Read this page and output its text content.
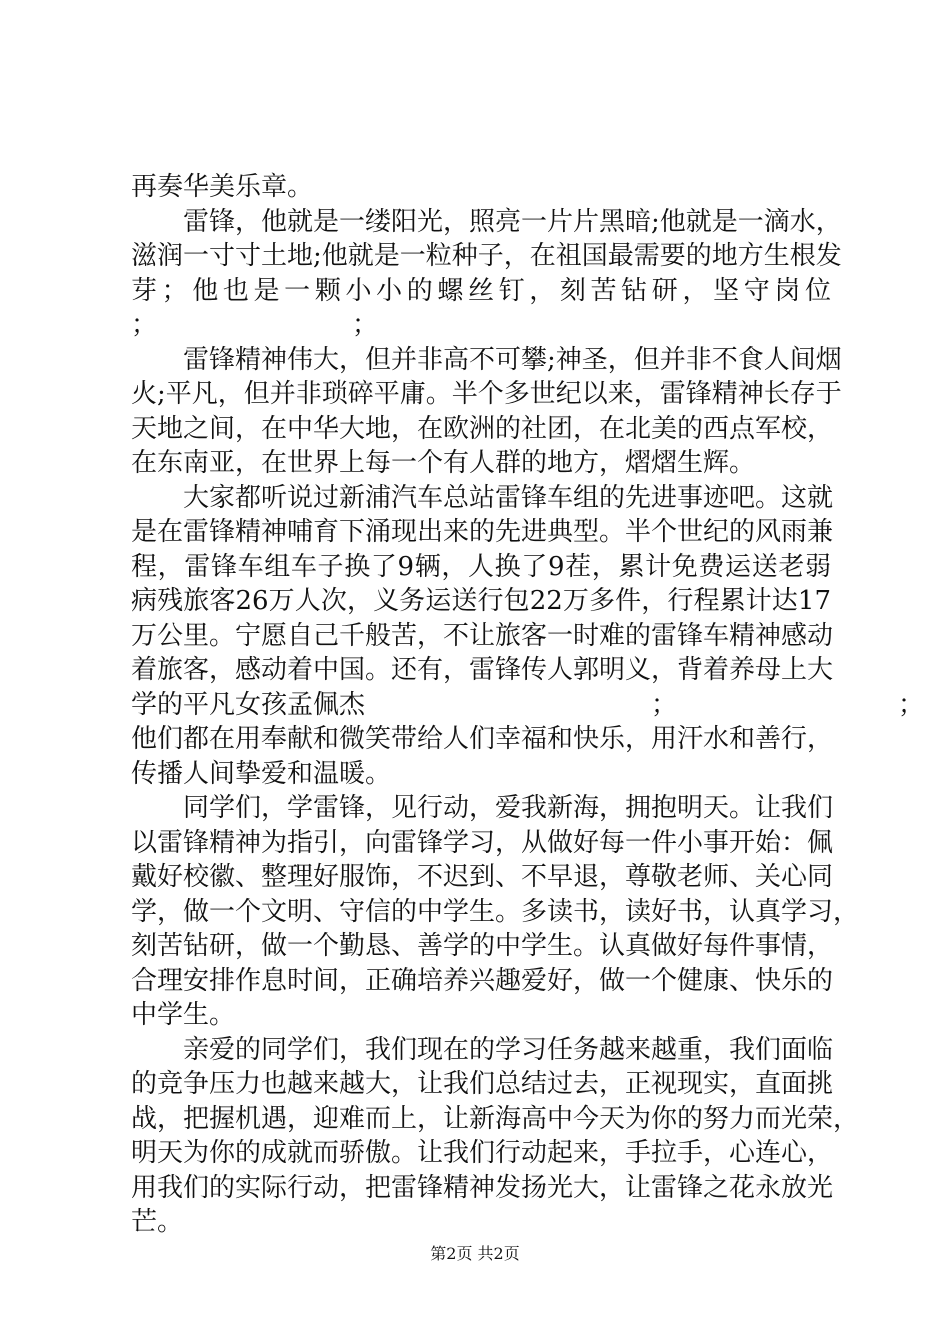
再奏华美乐章。
雷锋，他就是一缕阳光，照亮一片片黑暗;他就是一滴水，
滋润一寸寸土地;他就是一粒种子，在祖国最需要的地方生根发
芽；他也是一颗小小的螺丝钉，刻苦钻研，坚守岗位
；　　　　　　　　；
雷锋精神伟大，但并非高不可攀;神圣，但并非不食人间烟
火;平凡，但并非琐碎平庸。半个多世纪以来，雷锋精神长存于
天地之间，在中华大地，在欧洲的社团，在北美的西点军校，
在东南亚，在世界上每一个有人群的地方，熠熠生辉。
大家都听说过新浦汽车总站雷锋车组的先进事迹吧。这就
是在雷锋精神哺育下涌现出来的先进典型。半个世纪的风雨兼
程，雷锋车组车子换了9辆，人换了9茬，累计免费运送老弱
病残旅客26万人次，义务运送行包22万多件，行程累计达17
万公里。宁愿自己千般苦，不让旅客一时难的雷锋车精神感动
着旅客，感动着中国。还有，雷锋传人郭明义，背着养母上大
学的平凡女孩孟佩杰　　　　　　　　　　　；　　　　　　　　　；
他们都在用奉献和微笑带给人们幸福和快乐，用汗水和善行，
传播人间挚爱和温暖。
同学们，学雷锋，见行动，爱我新海，拥抱明天。让我们
以雷锋精神为指引，向雷锋学习，从做好每一件小事开始：佩
戴好校徽、整理好服饰，不迟到、不早退，尊敬老师、关心同
学，做一个文明、守信的中学生。多读书，读好书，认真学习，
刻苦钻研，做一个勤恳、善学的中学生。认真做好每件事情，
合理安排作息时间，正确培养兴趣爱好，做一个健康、快乐的
中学生。
亲爱的同学们，我们现在的学习任务越来越重，我们面临
的竞争压力也越来越大，让我们总结过去，正视现实，直面挑
战，把握机遇，迎难而上，让新海高中今天为你的努力而光荣，
明天为你的成就而骄傲。让我们行动起来，手拉手，心连心，
用我们的实际行动，把雷锋精神发扬光大，让雷锋之花永放光
芒。
第2页 共2页
